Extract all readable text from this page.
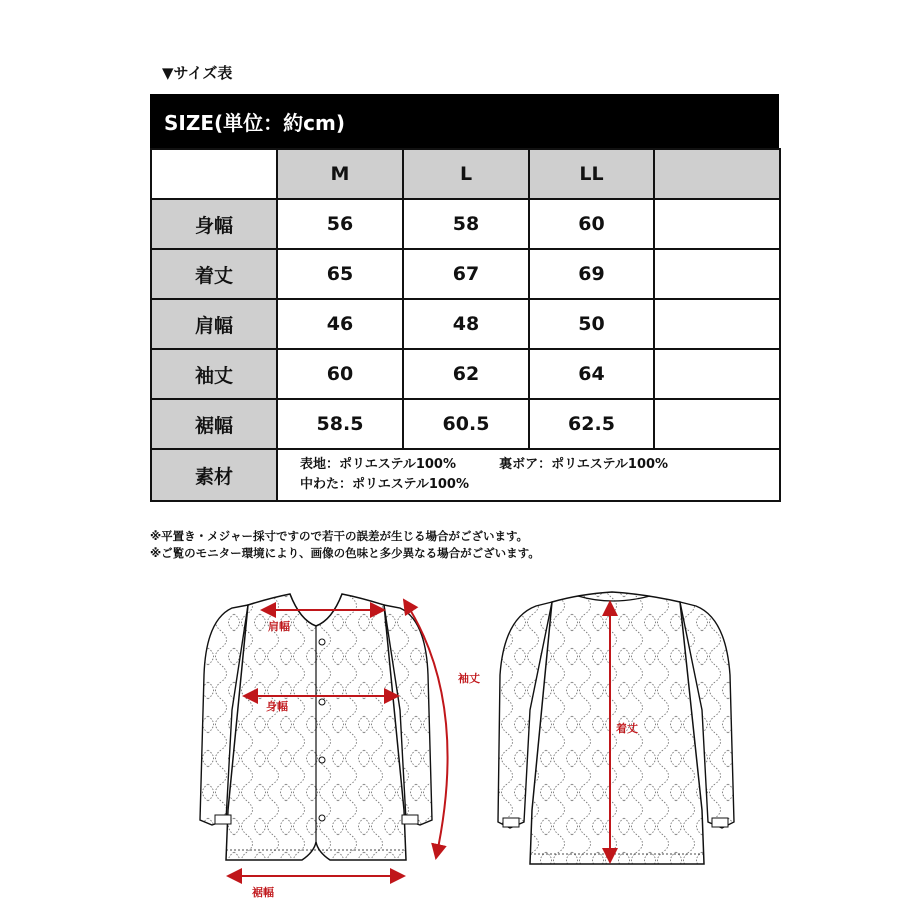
▼サイズ表
SIZE(単位：約cm)
	M	L	LL	
身幅	56	58	60	
着丈	65	67	69	
肩幅	46	48	50	
袖丈	60	62	64	
裾幅	58.5	60.5	62.5	
素材	表地：ポリエステル100% 裏ボア：ポリエステル100%
中わた：ポリエステル100%			
※平置き・メジャー採寸ですので若干の誤差が生じる場合がございます。
※ご覧のモニター環境により、画像の色味と多少異なる場合がございます。
肩幅
身幅
袖丈
裾幅
着丈
